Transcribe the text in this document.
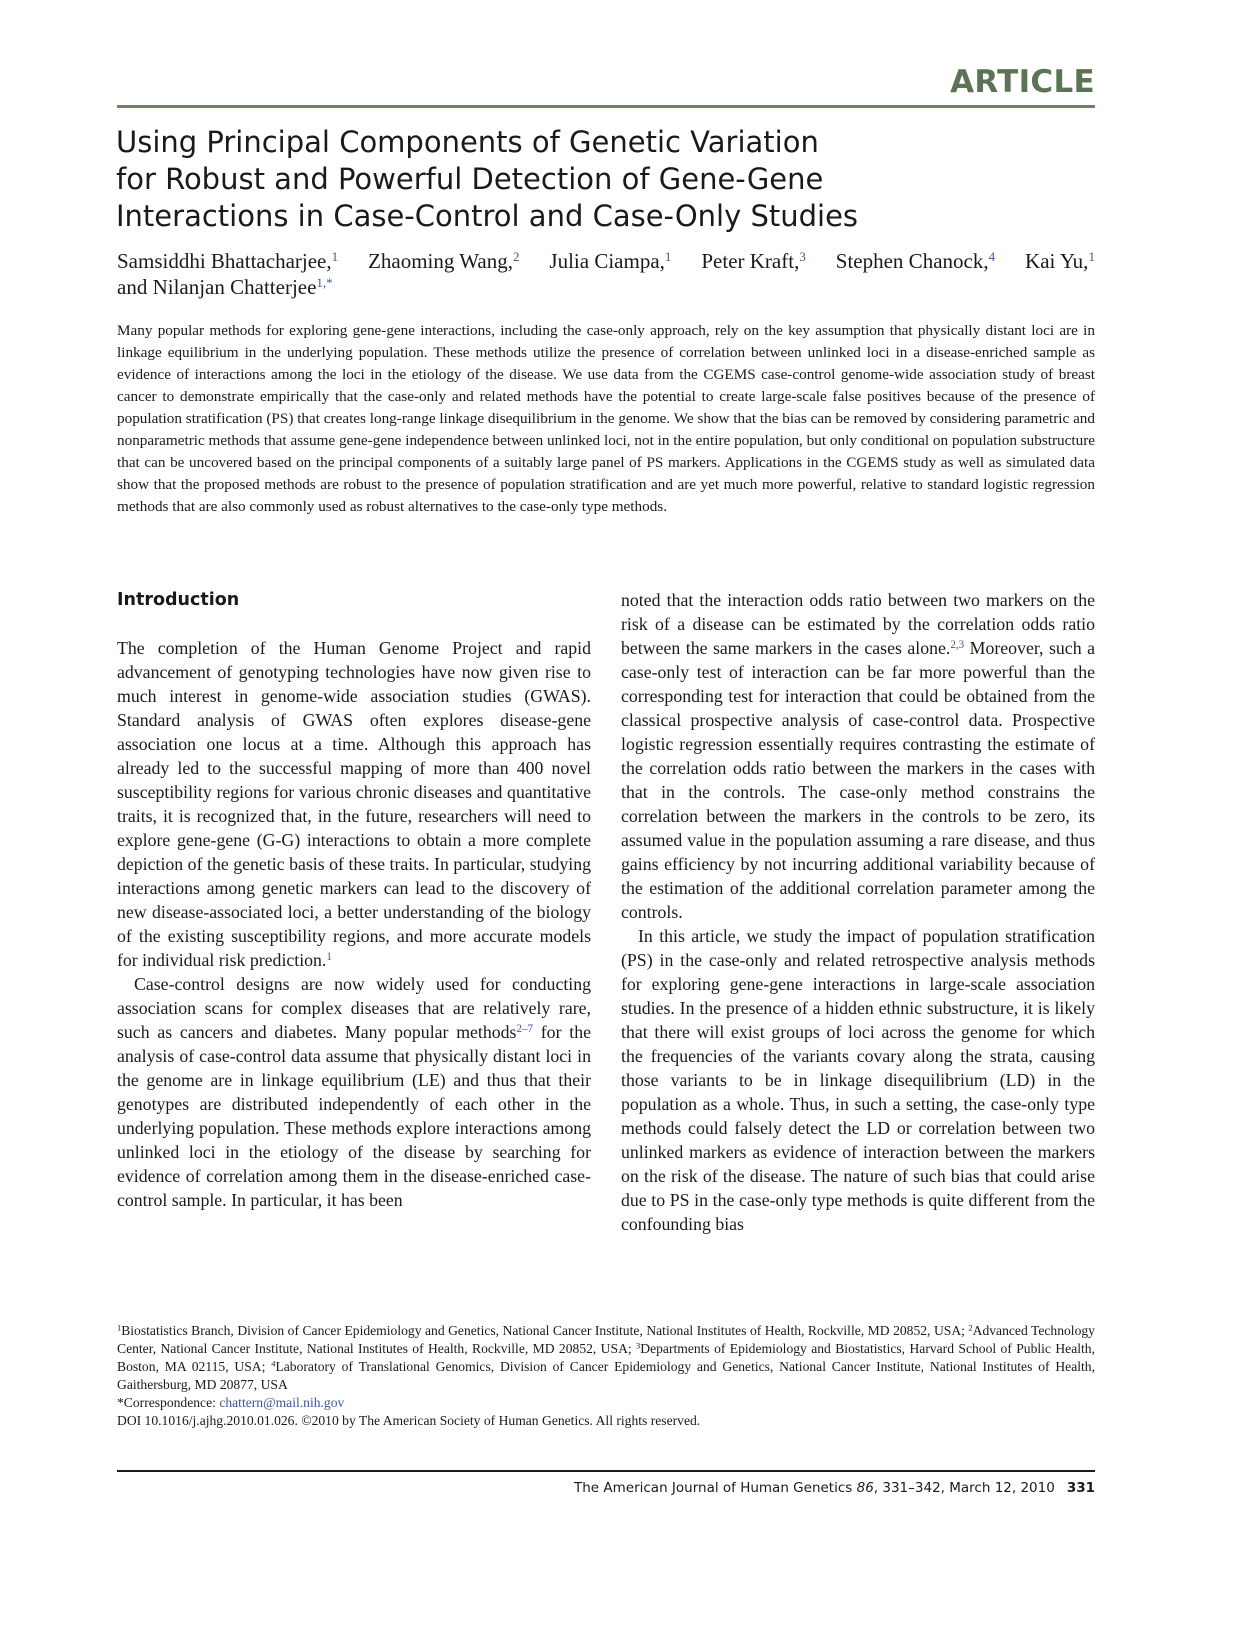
ARTICLE
Using Principal Components of Genetic Variation
for Robust and Powerful Detection of Gene-Gene
Interactions in Case-Control and Case-Only Studies
Samsiddhi Bhattacharjee,$^1$ Zhaoming Wang,$^2$ Julia Ciampa,$^1$ Peter Kraft,$^3$ Stephen Chanock,$^4$ Kai Yu,$^1$
and Nilanjan Chatterjee$^{1,*}$

Many popular methods for exploring gene-gene interactions, including the case-only approach, rely on the key assumption that physically distant loci are in linkage equilibrium in the underlying population. These methods utilize the presence of correlation between unlinked loci in a disease-enriched sample as evidence of interactions among the loci in the etiology of the disease. We use data from the CGEMS case-control genome-wide association study of breast cancer to demonstrate empirically that the case-only and related methods have the potential to create large-scale false positives because of the presence of population stratification (PS) that creates long-range linkage disequilibrium in the genome. We show that the bias can be removed by considering parametric and nonparametric methods that assume gene-gene independence between unlinked loci, not in the entire population, but only conditional on population substructure that can be uncovered based on the principal components of a suitably large panel of PS markers. Applications in the CGEMS study as well as simulated data show that the proposed methods are robust to the presence of population stratification and are yet much more powerful, relative to standard logistic regression methods that are also commonly used as robust alternatives to the case-only type methods.

Introduction

The completion of the Human Genome Project and rapid advancement of genotyping technologies have now given rise to much interest in genome-wide association studies (GWAS). Standard analysis of GWAS often explores disease-gene association one locus at a time. Although this approach has already led to the successful mapping of more than 400 novel susceptibility regions for various chronic diseases and quantitative traits, it is recognized that, in the future, researchers will need to explore gene-gene (G-G) interactions to obtain a more complete depiction of the genetic basis of these traits. In particular, studying interactions among genetic markers can lead to the discovery of new disease-associated loci, a better understanding of the biology of the existing susceptibility regions, and more accurate models for individual risk prediction.$^1$

Case-control designs are now widely used for conducting association scans for complex diseases that are relatively rare, such as cancers and diabetes. Many popular methods$^{2-7}$ for the analysis of case-control data assume that physically distant loci in the genome are in linkage equilibrium (LE) and thus that their genotypes are distributed independently of each other in the underlying population. These methods explore interactions among unlinked loci in the etiology of the disease by searching for evidence of correlation among them in the disease-enriched case-control sample. In particular, it has been

noted that the interaction odds ratio between two markers on the risk of a disease can be estimated by the correlation odds ratio between the same markers in the cases alone.$^{2,3}$ Moreover, such a case-only test of interaction can be far more powerful than the corresponding test for interaction that could be obtained from the classical prospective analysis of case-control data. Prospective logistic regression essentially requires contrasting the estimate of the correlation odds ratio between the markers in the cases with that in the controls. The case-only method constrains the correlation between the markers in the controls to be zero, its assumed value in the population assuming a rare disease, and thus gains efficiency by not incurring additional variability because of the estimation of the additional correlation parameter among the controls.

In this article, we study the impact of population stratification (PS) in the case-only and related retrospective analysis methods for exploring gene-gene interactions in large-scale association studies. In the presence of a hidden ethnic substructure, it is likely that there will exist groups of loci across the genome for which the frequencies of the variants covary along the strata, causing those variants to be in linkage disequilibrium (LD) in the population as a whole. Thus, in such a setting, the case-only type methods could falsely detect the LD or correlation between two unlinked markers as evidence of interaction between the markers on the risk of the disease. The nature of such bias that could arise due to PS in the case-only type methods is quite different from the confounding bias

$^1$Biostatistics Branch, Division of Cancer Epidemiology and Genetics, National Cancer Institute, National Institutes of Health, Rockville, MD 20852, USA; $^2$Advanced Technology Center, National Cancer Institute, National Institutes of Health, Rockville, MD 20852, USA; $^3$Departments of Epidemiology and Biostatistics, Harvard School of Public Health, Boston, MA 02115, USA; $^4$Laboratory of Translational Genomics, Division of Cancer Epidemiology and Genetics, National Cancer Institute, National Institutes of Health, Gaithersburg, MD 20877, USA

*Correspondence: chattern@mail.nih.gov

DOI 10.1016/j.ajhg.2010.01.026. ©2010 by The American Society of Human Genetics. All rights reserved.

The American Journal of Human Genetics 86, 331–342, March 12, 2010 331
